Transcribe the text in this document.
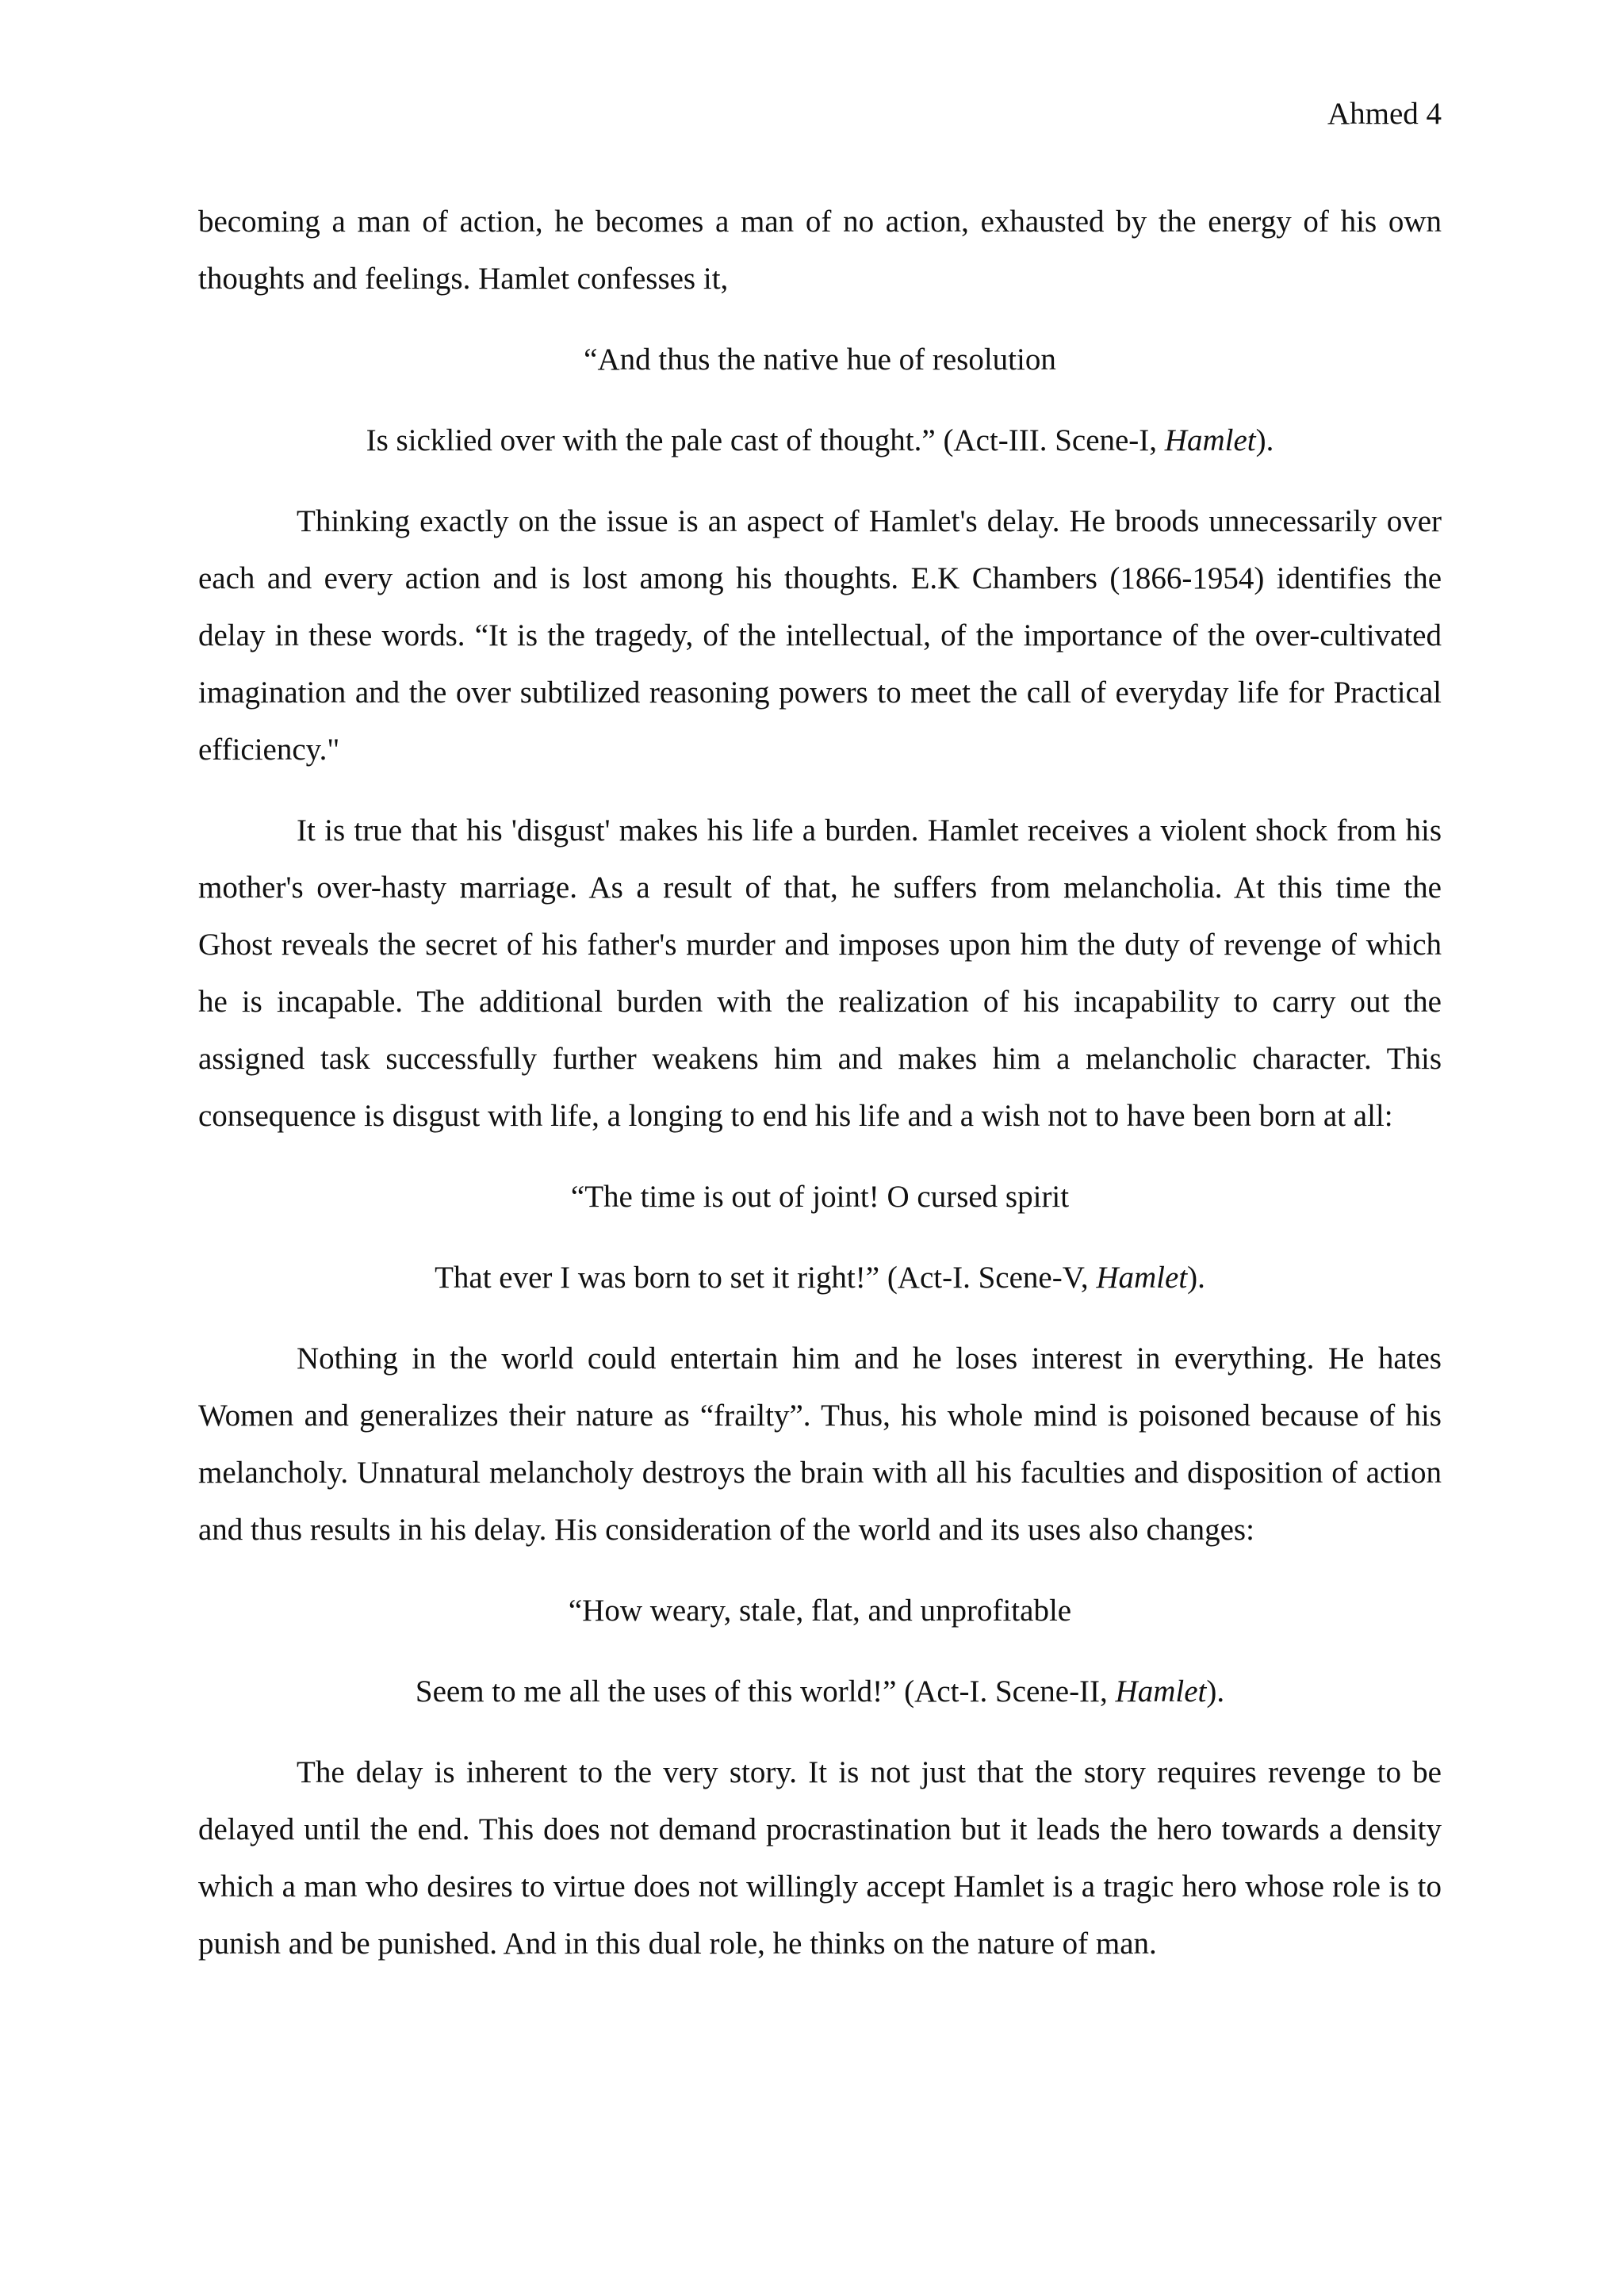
Ahmed 4

becoming a man of action, he becomes a man of no action, exhausted by the energy of his own thoughts and feelings. Hamlet confesses it,

“And thus the native hue of resolution
Is sicklied over with the pale cast of thought.” (Act-III. Scene-I, Hamlet).

Thinking exactly on the issue is an aspect of Hamlet's delay. He broods unnecessarily over each and every action and is lost among his thoughts. E.K Chambers (1866-1954) identifies the delay in these words. “It is the tragedy, of the intellectual, of the importance of the over-cultivated imagination and the over subtilized reasoning powers to meet the call of everyday life for Practical efficiency."

It is true that his 'disgust' makes his life a burden. Hamlet receives a violent shock from his mother's over-hasty marriage. As a result of that, he suffers from melancholia. At this time the Ghost reveals the secret of his father's murder and imposes upon him the duty of revenge of which he is incapable. The additional burden with the realization of his incapability to carry out the assigned task successfully further weakens him and makes him a melancholic character. This consequence is disgust with life, a longing to end his life and a wish not to have been born at all:

“The time is out of joint! O cursed spirit
That ever I was born to set it right!” (Act-I. Scene-V, Hamlet).

Nothing in the world could entertain him and he loses interest in everything. He hates Women and generalizes their nature as “frailty”. Thus, his whole mind is poisoned because of his melancholy. Unnatural melancholy destroys the brain with all his faculties and disposition of action and thus results in his delay. His consideration of the world and its uses also changes:

“How weary, stale, flat, and unprofitable
Seem to me all the uses of this world!” (Act-I. Scene-II, Hamlet).

The delay is inherent to the very story. It is not just that the story requires revenge to be delayed until the end. This does not demand procrastination but it leads the hero towards a density which a man who desires to virtue does not willingly accept Hamlet is a tragic hero whose role is to punish and be punished. And in this dual role, he thinks on the nature of man.
